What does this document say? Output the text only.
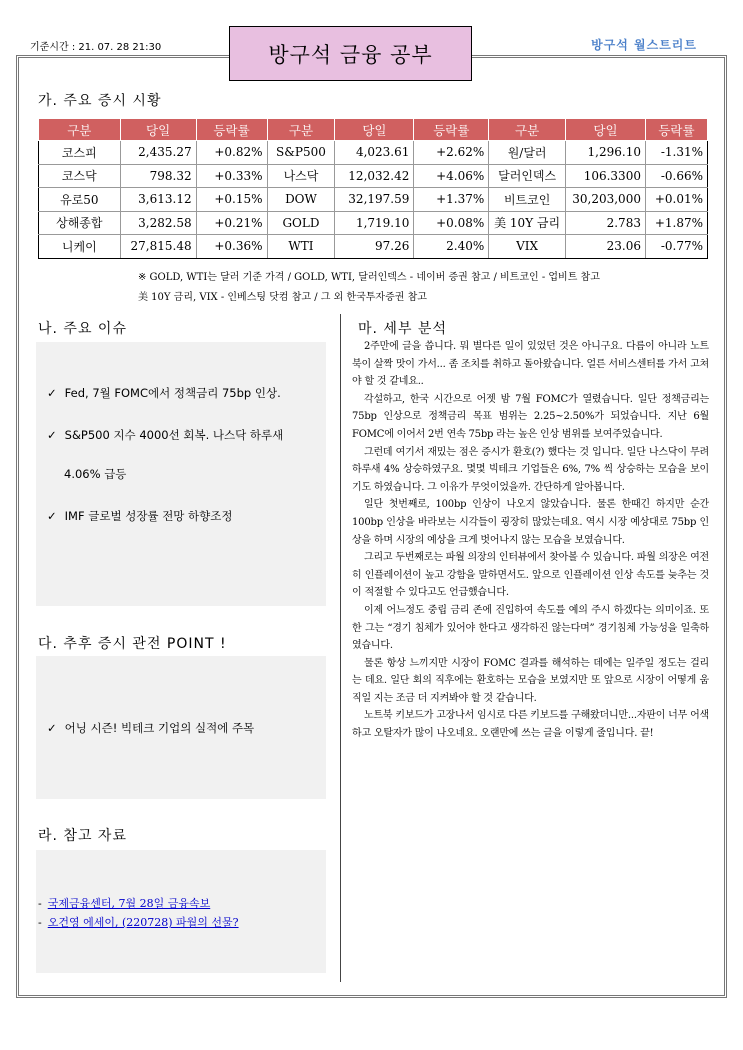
기준시간 : 21. 07. 28 21:30	방구석 금융 공부	방구석 월스트리트
가. 주요 증시 시황
구분	당일	등락률	구분	당일	등락률	구분	당일	등락률
코스피	2,435.27	+0.82%	S&P500	4,023.61	+2.62%	원/달러	1,296.10	-1.31%
코스닥	798.32	+0.33%	나스닥	12,032.42	+4.06%	달러인덱스	106.3300	-0.66%
유로50	3,613.12	+0.15%	DOW	32,197.59	+1.37%	비트코인	30,203,000	+0.01%
상해종합	3,282.58	+0.21%	GOLD	1,719.10	+0.08%	美 10Y 금리	2.783	+1.87%
니케이	27,815.48	+0.36%	WTI	97.26	2.40%	VIX	23.06	-0.77%
※ GOLD, WTI는 달러 기준 가격 / GOLD, WTI, 달러인덱스 - 네이버 증권 참고 / 비트코인 - 업비트 참고
美 10Y 금리, VIX - 인베스팅 닷컴 참고 / 그 외 한국투자증권 참고
나. 주요 이슈
✓ Fed, 7월 FOMC에서 정책금리 75bp 인상.
✓ S&P500 지수 4000선 회복. 나스닥 하루새
4.06% 급등
✓ IMF 글로벌 성장률 전망 하향조정
다. 추후 증시 관전 POINT !
✓ 어닝 시즌! 빅테크 기업의 실적에 주목
라. 참고 자료
- 국제금융센터, 7월 28일 금융속보
- 오건영 에세이, (220728) 파월의 선물?
마. 세부 분석

2주만에 글을 씁니다. 뭐 별다른 일이 있었던 것은 아니구요. 다름이 아니라 노트북이 살짝 맛이 가서... 좀 조치를 취하고 돌아왔습니다. 얼른 서비스센터를 가서 고쳐야 할 것 같네요..

각설하고, 한국 시간으로 어젯 밤 7월 FOMC가 열렸습니다. 일단 정책금리는 75bp 인상으로 정책금리 목표 범위는 2.25~2.50%가 되었습니다. 지난 6월 FOMC에 이어서 2번 연속 75bp 라는 높은 인상 범위를 보여주었습니다.

그런데 여기서 재밌는 점은 증시가 환호(?) 했다는 것 입니다. 일단 나스닥이 무려 하루새 4% 상승하였구요. 몇몇 빅테크 기업들은 6%, 7% 씩 상승하는 모습을 보이기도 하였습니다. 그 이유가 무엇이었을까. 간단하게 알아봅니다.

일단 첫번째로, 100bp 인상이 나오지 않았습니다. 물론 한때긴 하지만 순간 100bp 인상을 바라보는 시각들이 굉장히 많았는데요. 역시 시장 예상대로 75bp 인상을 하며 시장의 예상을 크게 벗어나지 않는 모습을 보였습니다.

그리고 두번째로는 파월 의장의 인터뷰에서 찾아볼 수 있습니다. 파월 의장은 여전히 인플레이션이 높고 강함을 말하면서도. 앞으로 인플레이션 인상 속도를 늦추는 것이 적절할 수 있다고도 언급했습니다.

이제 어느정도 중립 금리 존에 진입하여 속도를 예의 주시 하겠다는 의미이죠. 또한 그는 “경기 침체가 있어야 한다고 생각하진 않는다며” 경기침체 가능성을 일축하였습니다.

물론 항상 느끼지만 시장이 FOMC 결과를 해석하는 데에는 일주일 정도는 걸리는 데요. 일단 회의 직후에는 환호하는 모습을 보였지만 또 앞으로 시장이 어떻게 움직일 지는 조금 더 지켜봐야 할 것 같습니다.

노트북 키보드가 고장나서 임시로 다른 키보드를 구해왔더니만...자판이 너무 어색하고 오탈자가 많이 나오네요. 오랜만에 쓰는 글을 이렇게 줄입니다. 끝!
